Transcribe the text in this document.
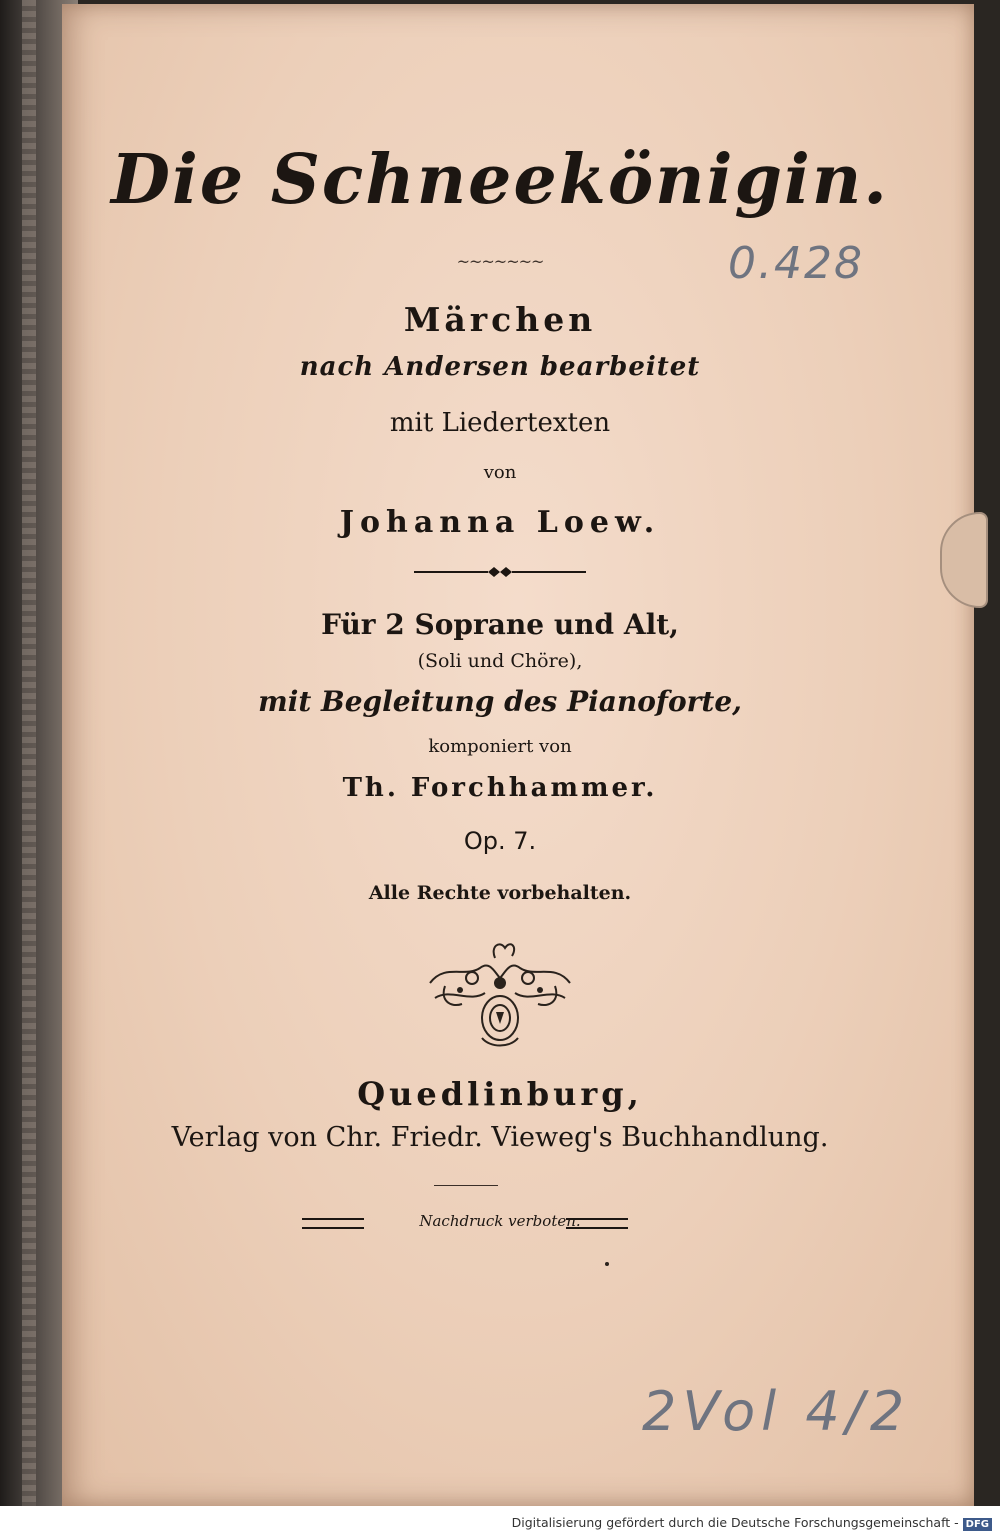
Die Schneekönigin.
~~~~~~~	0.428
Märchen
nach Andersen bearbeitet
mit Liedertexten
von
Johanna Loew.
Für 2 Soprane und Alt,
(Soli und Chöre),
mit Begleitung des Pianoforte,
komponiert von
Th. Forchhammer.
Op. 7.
Alle Rechte vorbehalten.
Quedlinburg,
Verlag von Chr. Friedr. Vieweg's Buchhandlung.
Nachdruck verboten.
2Vol 4/2
Digitalisierung gefördert durch die Deutsche Forschungsgemeinschaft - DFG
